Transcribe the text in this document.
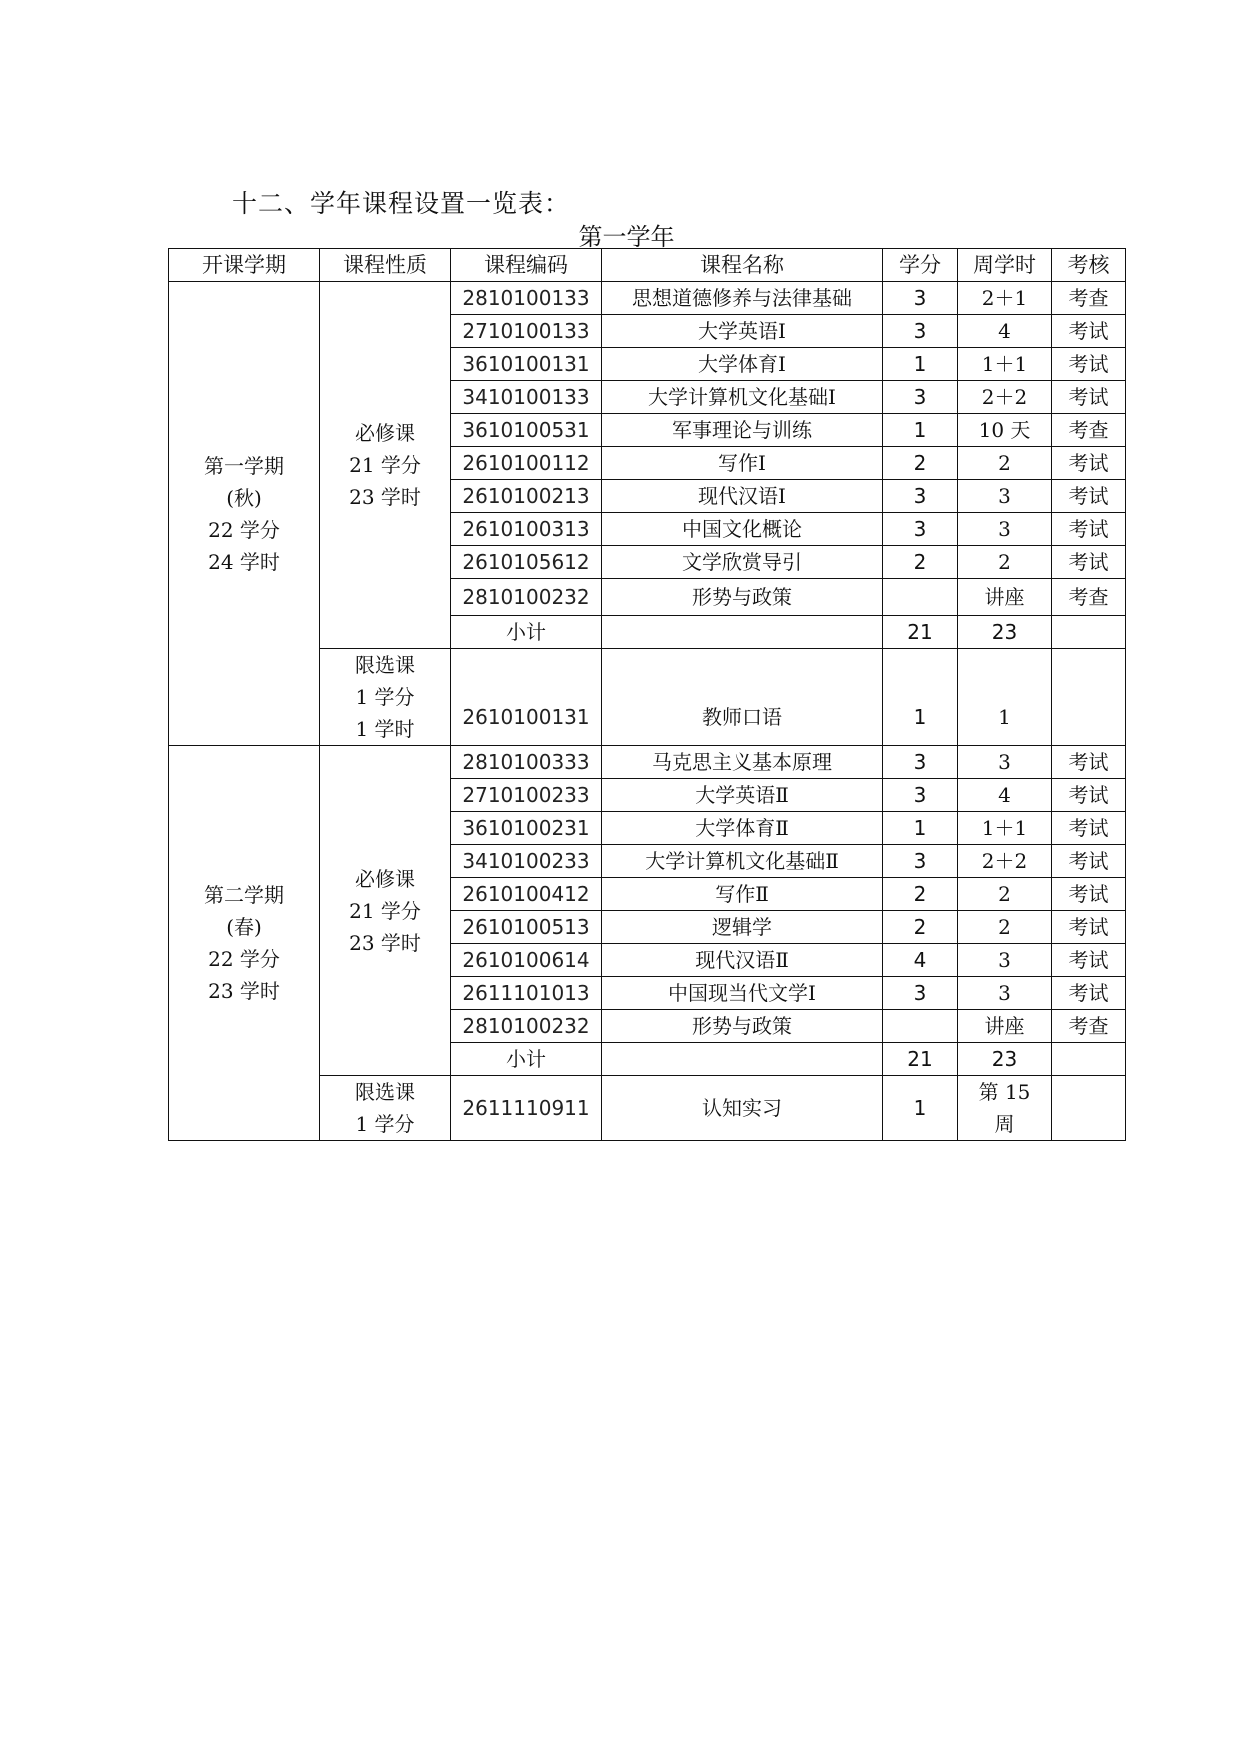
十二、学年课程设置一览表：
第一学年
开课学期	课程性质	课程编码	课程名称	学分	周学时	考核

第一学期
(秋)
22 学分
24 学时	必修课
21 学分
23 学时	2810100133	思想道德修养与法律基础	3	2＋1	考查
		2710100133	大学英语Ⅰ	3	4	考试
		3610100131	大学体育Ⅰ	1	1＋1	考试
		3410100133	大学计算机文化基础Ⅰ	3	2＋2	考试
		3610100531	军事理论与训练	1	10 天	考查
		2610100112	写作Ⅰ	2	2	考试
		2610100213	现代汉语Ⅰ	3	3	考试
		2610100313	中国文化概论	3	3	考试
		2610105612	文学欣赏导引	2	2	考试
		2810100232	形势与政策		讲座	考查
		小计		21	23	

	限选课
1 学分
1 学时	2610100131	教师口语	1	1	

第二学期
(春)
22 学分
23 学时	必修课
21 学分
23 学时	2810100333	马克思主义基本原理	3	3	考试
		2710100233	大学英语Ⅱ	3	4	考试
		3610100231	大学体育Ⅱ	1	1＋1	考试
		3410100233	大学计算机文化基础Ⅱ	3	2＋2	考试
		2610100412	写作Ⅱ	2	2	考试
		2610100513	逻辑学	2	2	考试
		2610100614	现代汉语Ⅱ	4	3	考试
		2611101013	中国现当代文学Ⅰ	3	3	考试
		2810100232	形势与政策		讲座	考查
		小计		21	23	

	限选课
1 学分	2611110911	认知实习	1	第 15 周	
